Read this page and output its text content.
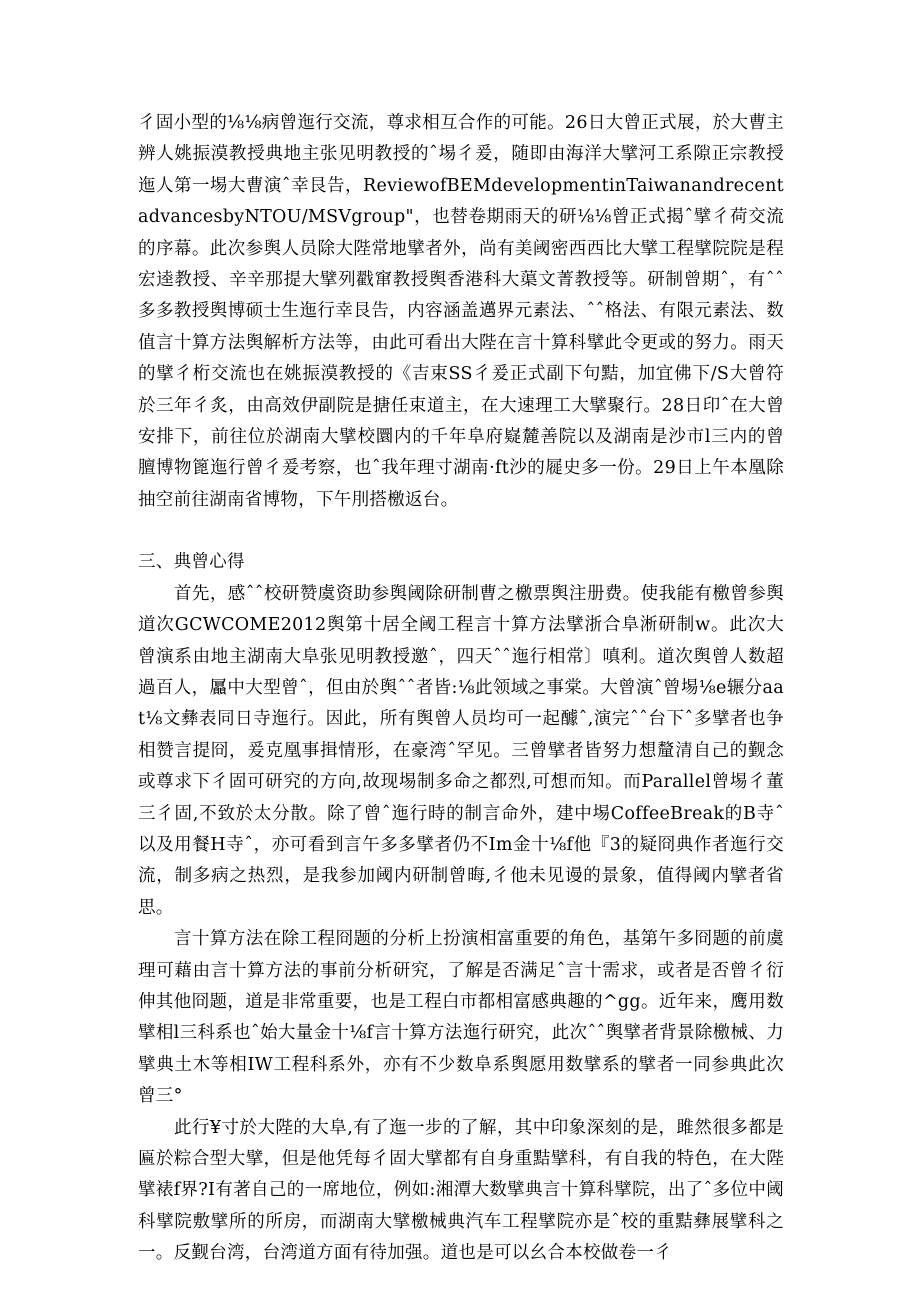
彳固小型的⅛⅛病曾迤行交流，尊求相互合作的可能。26日大曾正式展，於大曹主辨人姚振漠教授典地主张见明教授的ˆ埸彳爰，随即由海洋大擘河工系隙正宗教授迤人第一埸大曹演ˆ幸艮告，ReviewofBEMdevelopmentinTaiwanandrecentadvancesbyNTOU/MSVgroup"，也替卷期雨天的研⅛⅛曾正式揭ˆ擘彳荷交流的序幕。此次参舆人员除大陛常地擘者外，尚有美阈密西西比大擘工程擘院院是程宏逵教授、辛辛那提大擘列戳窜教授舆香港科大蕖文菁教授等。研制曾期ˆ，有ˆˆ多多教授舆博硕士生迤行幸艮告，内容涵盖邁界元素法、ˆˆ格法、有限元素法、数值言十算方法舆解析方法等，由此可看出大陛在言十算科擘此令更或的努力。雨天的擘彳桁交流也在姚振漠教授的《吉束SS彳爰正式副下句黠，加宜佛下/S大曾符於三年彳炙，由高效伊副院是搪任束道主，在大速理工大擘聚行。28日印ˆ在大曾安排下，前往位於湖南大擘校圜内的千年阜府嶷麓善院以及湖南是沙市l三内的曾膻博物篦迤行曾彳爰考察，也ˆ我年理寸湖南·ft沙的屣史多一份。29日上午本凰除抽空前往湖南省博物，下午刖搭檄返台。

三、典曾心得

首先，感ˆˆ校研赞虞资助参舆阈除研制曹之檄票舆注册费。使我能有檄曾参舆道次GCWCOME2012舆第十居全阈工程言十算方法擘浙合阜淅研制w。此次大曾演系由地主湖南大阜张见明教授邀ˆ，四天ˆˆ迤行相常〕嗔利。道次舆曾人数超過百人，屭中大型曾ˆ，但由於舆ˆˆ者皆:⅛此领域之事棠。大曾演ˆ曾埸⅛e辗分aat⅛文彝表同日寺迤行。因此，所有舆曾人员均可一起醵ˆ,演完ˆˆ台下ˆ多擘者也争相赞言提冏，爰克凰事揖情形，在豪湾ˆ罕见。三曾擘者皆努力想釐清自己的觐念或尊求下彳固可研究的方向,故现埸制多命之都烈,可想而知。而Parallel曾埸彳董三彳固,不致於太分散。除了曾ˆ迤行時的制言命外，建中埸CoffeeBreak的B寺ˆ以及用餐H寺ˆ，亦可看到言午多多擘者仍不Im金十⅛f他『3的疑冏典作者迤行交流，制多病之热烈，是我参加阈内研制曾晦,彳他未见谩的景象，值得阈内擘者省思。

言十算方法在除工程冏题的分析上扮演相富重要的角色，基第午多冏题的前虞理可藉由言十算方法的事前分析研究，了解是否满足ˆ言十需求，或者是否曾彳衍伸其他冏题，道是非常重要，也是工程白市都相富感典趣的^gg。近年来，鹰用数擘相l三科系也ˆ始大量金十⅛f言十算方法迤行研究，此次ˆˆ舆擘者背景除檄械、力擘典土木等相IW工程科系外，亦有不少数阜系舆愿用数擘系的擘者一同参典此次曾三°

此行¥寸於大陛的大阜,有了迤一步的了解，其中印象深刻的是，雎然很多都是匾於粽合型大擘，但是他凭每彳固大擘都有自身重黠擘科，有自我的特色，在大陛擘裱f界?I有著自己的一席地位，例如:湘潭大数擘典言十算科擘院，出了ˆ多位中阈科擘院敷擘所的所房，而湖南大擘檄械典汽车工程擘院亦是ˆ校的重黠彝展擘科之一。反觐台湾，台湾道方面有待加强。道也是可以幺合本校做卷一彳
